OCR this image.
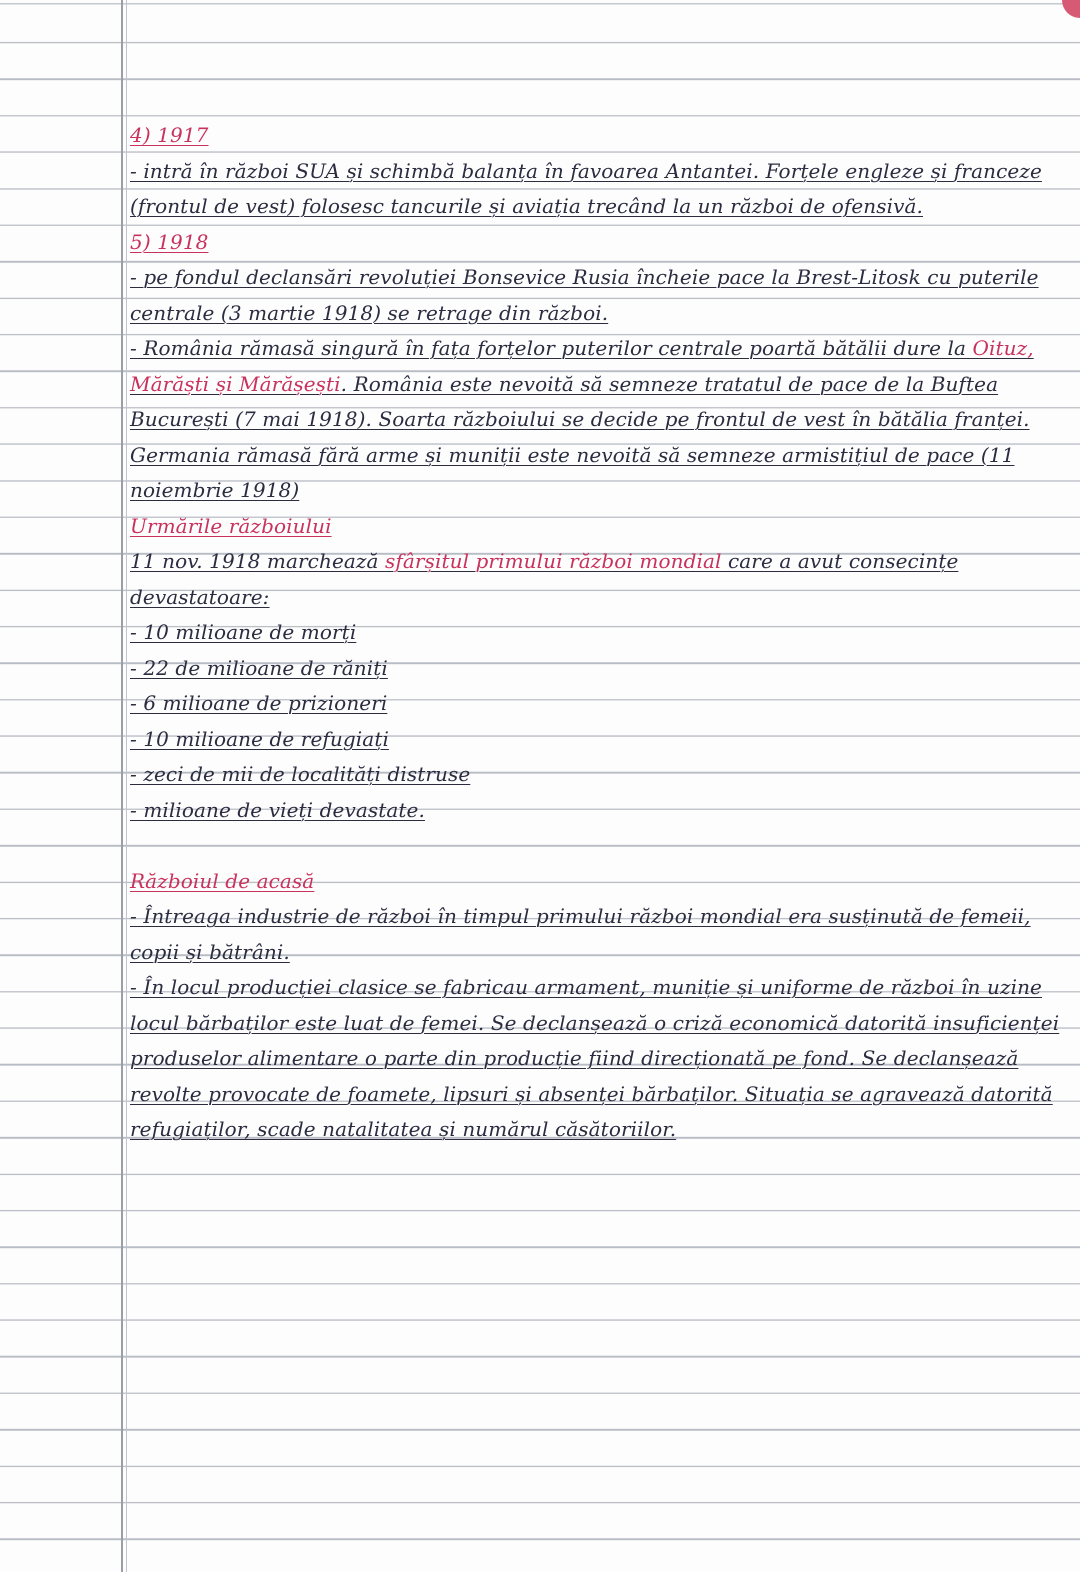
4) 1917

- intră în război SUA și schimbă balanța în favoarea Antantei. Forțele engleze și franceze (frontul de vest) folosesc tancurile și aviația trecând la un război de ofensivă.

5) 1918

- pe fondul declansări revoluției Bonsevice Rusia încheie pace la Brest-Litosk cu puterile centrale (3 martie 1918) se retrage din război.

- România rămasă singură în fața forțelor puterilor centrale poartă bătălii dure la Oituz, Mărăști și Mărășești. România este nevoită să semneze tratatul de pace de la Buftea București (7 mai 1918). Soarta războiului se decide pe frontul de vest în bătălia franței. Germania rămasă fără arme și muniții este nevoită să semneze armistițiul de pace (11 noiembrie 1918)

Urmările războiului

11 nov. 1918 marchează sfârșitul primului război mondial care a avut consecințe devastatoare:

- 10 milioane de morți
- 22 de milioane de răniți
- 6 milioane de prizioneri
- 10 milioane de refugiați
- zeci de mii de localități distruse
- milioane de vieți devastate.

Războiul de acasă

- Întreaga industrie de război în timpul primului război mondial era susținută de femeii, copii și bătrâni.

- În locul producției clasice se fabricau armament, muniție și uniforme de război în uzine locul bărbaților este luat de femei. Se declanșează o criză economică datorită insuficienței produselor alimentare o parte din producție fiind direcționată pe fond. Se declanșează revolte provocate de foamete, lipsuri și absenței bărbaților. Situația se agravează datorită refugiaților, scade natalitatea și numărul căsătoriilor.
